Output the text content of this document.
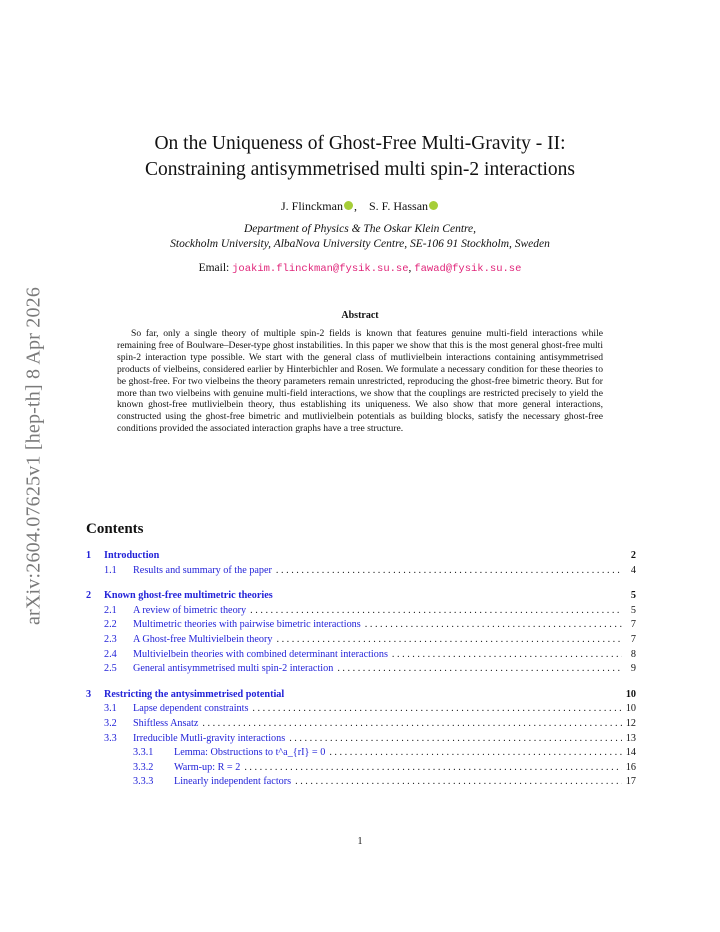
arXiv:2604.07625v1 [hep-th] 8 Apr 2026
On the Uniqueness of Ghost-Free Multi-Gravity - II:
Constraining antisymmetrised multi spin-2 interactions
J. Flinckman ,    S. F. Hassan
Department of Physics & The Oskar Klein Centre,
Stockholm University, AlbaNova University Centre, SE-106 91 Stockholm, Sweden
Email: joakim.flinckman@fysik.su.se, fawad@fysik.su.se
Abstract

So far, only a single theory of multiple spin-2 fields is known that features genuine multi-field interactions while remaining free of Boulware–Deser-type ghost instabilities. In this paper we show that this is the most general ghost-free multi spin-2 interaction type possible. We start with the general class of mutlivielbein interactions containing antisymmetrised products of vielbeins, considered earlier by Hinterbichler and Rosen. We formulate a necessary condition for these theories to be ghost-free. For two vielbeins the theory parameters remain unrestricted, reproducing the ghost-free bimetric theory. But for more than two vielbeins with genuine multi-field interactions, we show that the couplings are restricted precisely to yield the known ghost-free mutlivielbein theory, thus establishing its uniqueness. We also show that more general interactions, constructed using the ghost-free bimetric and mutlivielbein potentials as building blocks, satisfy the necessary ghost-free conditions provided the associated interaction graphs have a tree structure.

Contents
1	Introduction	2
1.1	Results and summary of the paper . . .	4
2	Known ghost-free multimetric theories	5
2.1	A review of bimetric theory . . .	5
2.2	Multimetric theories with pairwise bimetric interactions . . .	7
2.3	A Ghost-free Multivielbein theory . . .	7
2.4	Multivielbein theories with combined determinant interactions . . .	8
2.5	General antisymmetrised multi spin-2 interaction . . .	9
3	Restricting the antysimmetrised potential	10
3.1	Lapse dependent constraints . . .	10
3.2	Shiftless Ansatz . . .	12
3.3	Irreducible Mutli-gravity interactions . . .	13
3.3.1	Lemma: Obstructions to t^a_{rI} = 0 . . .	14
3.3.2	Warm-up: R = 2 . . .	16
3.3.3	Linearly independent factors . . .	17
1
